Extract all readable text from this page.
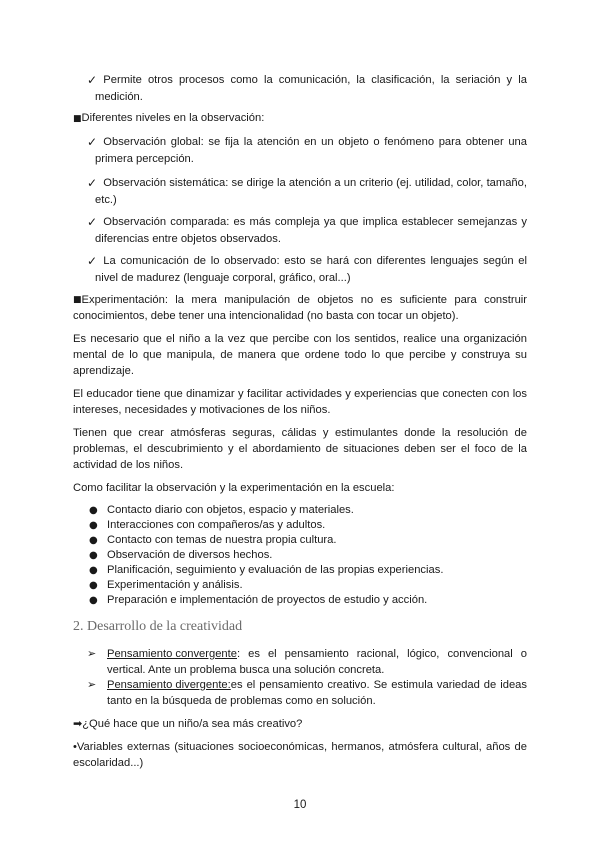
✓ Permite otros procesos como la comunicación, la clasificación, la seriación y la
medición.
■Diferentes niveles en la observación:
✓ Observación global: se fija la atención en un objeto o fenómeno para obtener una
primera percepción.
✓ Observación sistemática: se dirige la atención a un criterio (ej. utilidad, color, tamaño,
etc.)
✓ Observación comparada: es más compleja ya que implica establecer semejanzas y
diferencias entre objetos observados.
✓ La comunicación de lo observado: esto se hará con diferentes lenguajes según el
nivel de madurez (lenguaje corporal, gráfico, oral...)
■ Experimentación: la mera manipulación de objetos no es suficiente para construir
conocimientos, debe tener una intencionalidad (no basta con tocar un objeto).

Es necesario que el niño a la vez que percibe con los sentidos, realice una organización mental de lo que manipula, de manera que ordene todo lo que percibe y construya su aprendizaje.

El educador tiene que dinamizar y facilitar actividades y experiencias que conecten con los intereses, necesidades y motivaciones de los niños.

Tienen que crear atmósferas seguras, cálidas y estimulantes donde la resolución de problemas, el descubrimiento y el abordamiento de situaciones deben ser el foco de la actividad de los niños.

Como facilitar la observación y la experimentación en la escuela:

● Contacto diario con objetos, espacio y materiales.
● Interacciones con compañeros/as y adultos.
● Contacto con temas de nuestra propia cultura.
● Observación de diversos hechos.
● Planificación, seguimiento y evaluación de las propias experiencias.
● Experimentación y análisis.
● Preparación e implementación de proyectos de estudio y acción.
2. Desarrollo de la creatividad
➢ Pensamiento convergente : es el pensamiento racional, lógico, convencional o
vertical. Ante un problema busca una solución concreta.
➢ Pensamiento divergente: es el pensamiento creativo. Se estimula variedad de ideas
tanto en la búsqueda de problemas como en solución.
➡¿Qué hace que un niño/a sea más creativo?
•Variables externas (situaciones socioeconómicas, hermanos, atmósfera cultural, años de escolaridad...)
10
